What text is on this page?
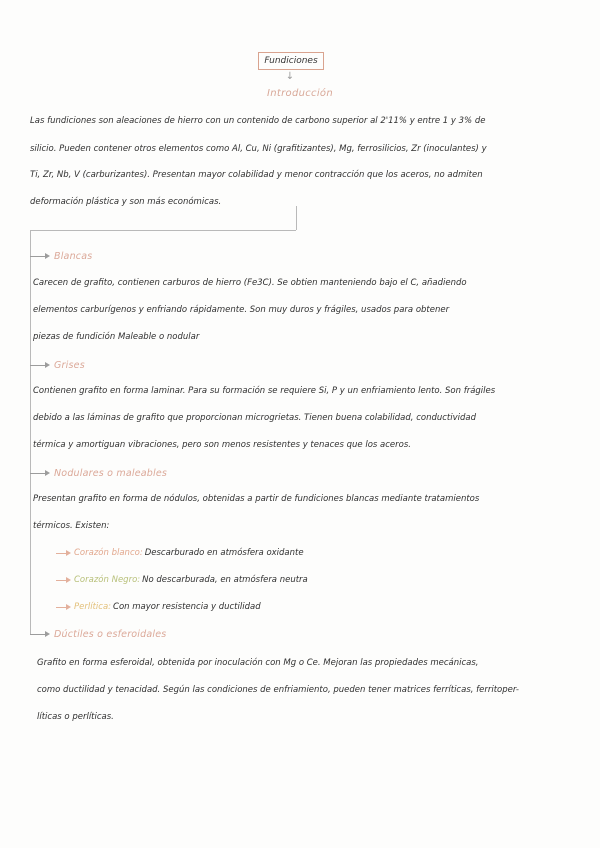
Fundiciones
↓
Introducción
Las fundiciones son aleaciones de hierro con un contenido de carbono superior al 2'11% y entre 1 y 3% de
silicio. Pueden contener otros elementos como Al, Cu, Ni (grafitizantes), Mg, ferrosilicios, Zr (inoculantes) y
Ti, Zr, Nb, V (carburizantes). Presentan mayor colabilidad y menor contracción que los aceros, no admiten
deformación plástica y son más económicas.
Blancas
Carecen de grafito, contienen carburos de hierro (Fe3C). Se obtien manteniendo bajo el C, añadiendo
elementos carburígenos y enfriando rápidamente. Son muy duros y frágiles, usados para obtener
piezas de fundición Maleable o nodular
Grises
Contienen grafito en forma laminar. Para su formación se requiere Si, P y un enfriamiento lento. Son frágiles
debido a las láminas de grafito que proporcionan microgrietas. Tienen buena colabilidad, conductividad
térmica y amortiguan vibraciones, pero son menos resistentes y tenaces que los aceros.
Nodulares o maleables
Presentan grafito en forma de nódulos, obtenidas a partir de fundiciones blancas mediante tratamientos
térmicos. Existen:
Corazón blanco: Descarburado en atmósfera oxidante
Corazón Negro: No descarburada, en atmósfera neutra
Perlítica: Con mayor resistencia y ductilidad
Dúctiles o esferoidales
Grafito en forma esferoidal, obtenida por inoculación con Mg o Ce. Mejoran las propiedades mecánicas,
como ductilidad y tenacidad. Según las condiciones de enfriamiento, pueden tener matrices ferríticas, ferritoper-
líticas o perlíticas.
